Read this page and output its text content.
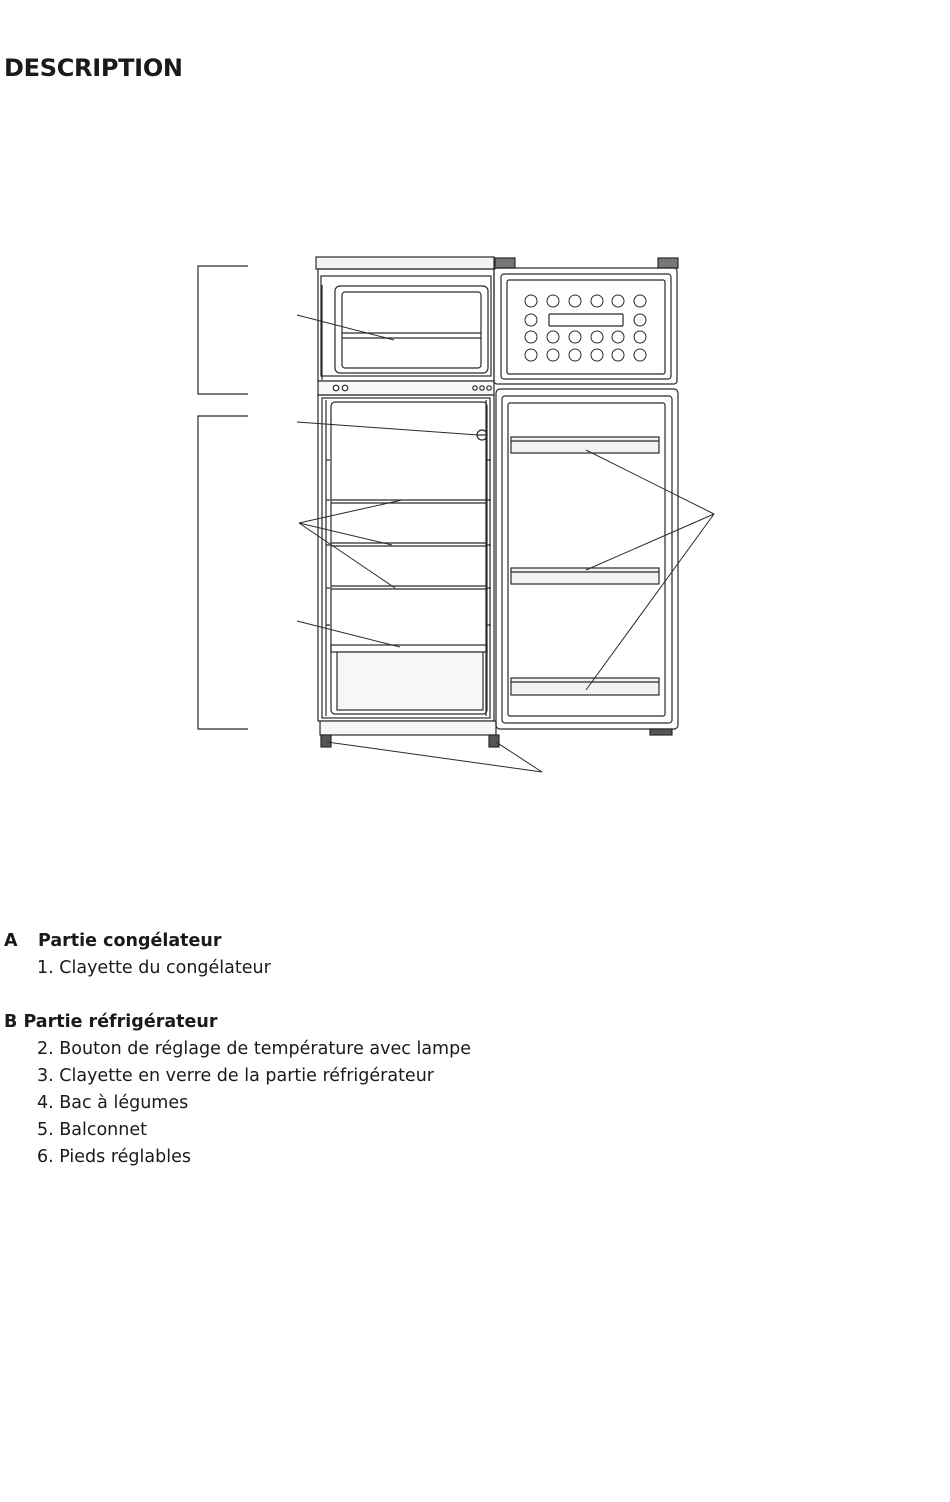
DESCRIPTION

A Partie congélateur

1. Clayette du congélateur

B Partie réfrigérateur

2. Bouton de réglage de température avec lampe
3. Clayette en verre de la partie réfrigérateur
4. Bac à légumes
5. Balconnet
6. Pieds réglables
